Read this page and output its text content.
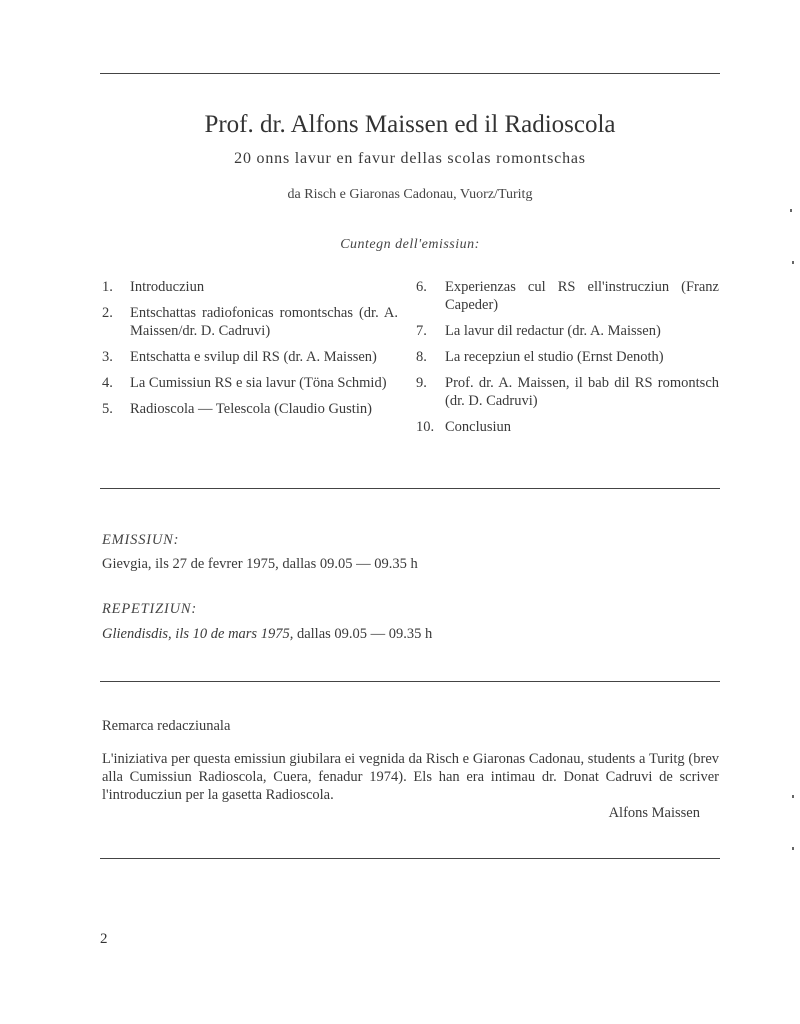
Prof. dr. Alfons Maissen ed il Radioscola
20 onns lavur en favur dellas scolas romontschas
da Risch e Giaronas Cadonau, Vuorz/Turitg
Cuntegn dell'emissiun:
1.	Introducziun
2.	Entschattas radiofonicas romontschas (dr. A. Maissen/dr. D. Cadruvi)
3.	Entschatta e svilup dil RS (dr. A. Maissen)
4.	La Cumissiun RS e sia lavur (Töna Schmid)
5.	Radioscola — Telescola (Claudio Gustin)
6.	Experienzas cul RS ell'instrucziun (Franz Capeder)
7.	La lavur dil redactur (dr. A. Maissen)
8.	La recepziun el studio (Ernst Denoth)
9.	Prof. dr. A. Maissen, il bab dil RS romontsch (dr. D. Cadruvi)
10. Conclusiun
EMISSIUN:
Gievgia, ils 27 de fevrer 1975, dallas 09.05 — 09.35 h
REPETIZIUN:
Gliendisdis, ils 10 de mars 1975, dallas 09.05 — 09.35 h
Remarca redacziunala
L'iniziativa per questa emissiun giubilara ei vegnida da Risch e Giaronas Cadonau, students a Turitg (brev alla Cumissiun Radioscola, Cuera, fenadur 1974). Els han era intimau dr. Donat Cadruvi de scriver l'introducziun per la gasetta Radioscola.
Alfons Maissen
2
